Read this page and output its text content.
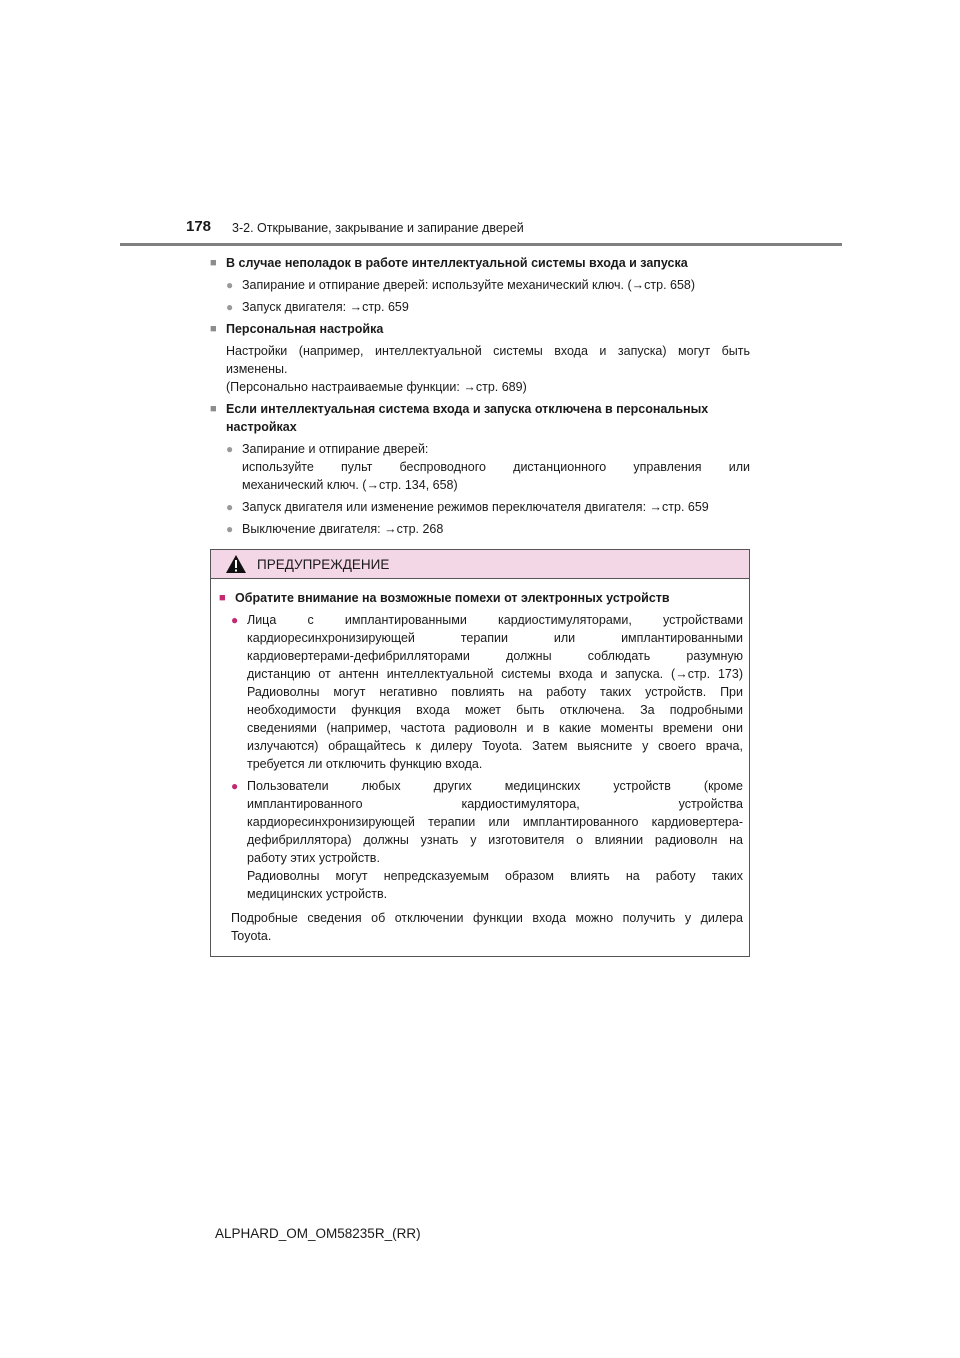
178 3-2. Открывание, закрывание и запирание дверей
■ В случае неполадок в работе интеллектуальной системы входа и запуска
● Запирание и отпирание дверей: используйте механический ключ. (→стр. 658)
● Запуск двигателя: →стр. 659
■ Персональная настройка
Настройки (например, интеллектуальной системы входа и запуска) могут быть
изменены.
(Персонально настраиваемые функции: →стр. 689)
■ Если интеллектуальная система входа и запуска отключена в персональных
настройках
● Запирание и отпирание дверей:
используйте пульт беспроводного дистанционного управления или
механический ключ. (→стр. 134, 658)
● Запуск двигателя или изменение режимов переключателя двигателя: →стр. 659
● Выключение двигателя: →стр. 268
ПРЕДУПРЕЖДЕНИЕ
■ Обратите внимание на возможные помехи от электронных устройств
● Лица с имплантированными кардиостимуляторами, устройствами
кардиоресинхронизирующей терапии или имплантированными
кардиовертерами-дефибрилляторами должны соблюдать разумную
дистанцию от антенн интеллектуальной системы входа и запуска. (→стр. 173)
Радиоволны могут негативно повлиять на работу таких устройств. При
необходимости функция входа может быть отключена. За подробными
сведениями (например, частота радиоволн и в какие моменты времени они
излучаются) обращайтесь к дилеру Toyota. Затем выясните у своего врача,
требуется ли отключить функцию входа.
● Пользователи любых других медицинских устройств (кроме
имплантированного кардиостимулятора, устройства
кардиоресинхронизирующей терапии или имплантированного кардиовертера-
дефибриллятора) должны узнать у изготовителя о влиянии радиоволн на
работу этих устройств.
Радиоволны могут непредсказуемым образом влиять на работу таких
медицинских устройств.
Подробные сведения об отключении функции входа можно получить у дилера
Toyota.
ALPHARD_OM_OM58235R_(RR)
